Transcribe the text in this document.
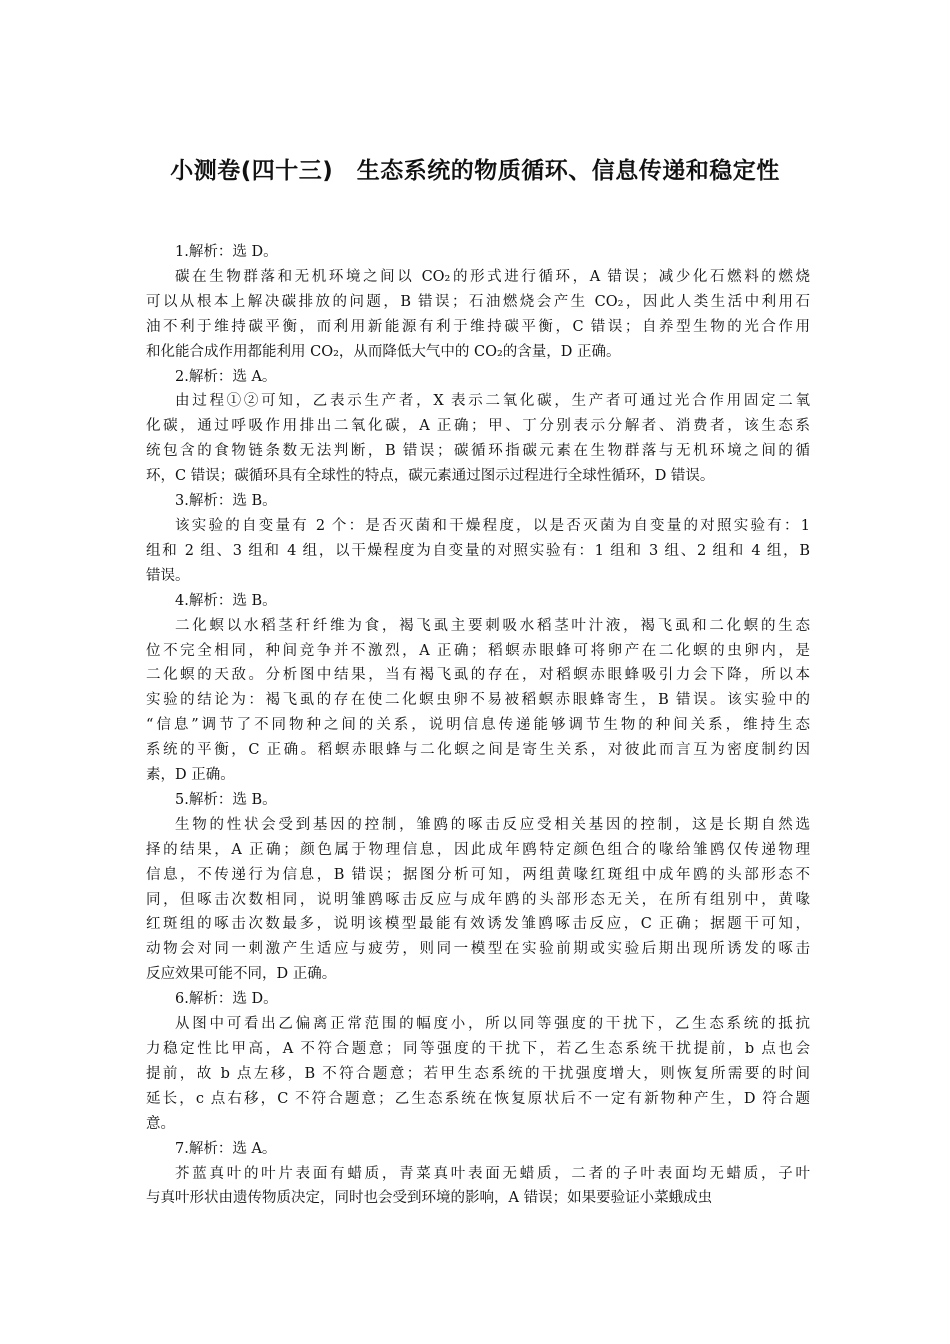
小测卷(四十三)　生态系统的物质循环、信息传递和稳定性

1.解析：选 D。

碳在生物群落和无机环境之间以 CO₂的形式进行循环，A 错误；减少化石燃料的燃烧
可以从根本上解决碳排放的问题，B 错误；石油燃烧会产生 CO₂，因此人类生活中利用石
油不利于维持碳平衡，而利用新能源有利于维持碳平衡，C 错误；自养型生物的光合作用
和化能合成作用都能利用 CO₂，从而降低大气中的 CO₂的含量，D 正确。

2.解析：选 A。

由过程①②可知，乙表示生产者，X 表示二氧化碳，生产者可通过光合作用固定二氧
化碳，通过呼吸作用排出二氧化碳，A 正确；甲、丁分别表示分解者、消费者，该生态系
统包含的食物链条数无法判断，B 错误；碳循环指碳元素在生物群落与无机环境之间的循
环，C 错误；碳循环具有全球性的特点，碳元素通过图示过程进行全球性循环，D 错误。

3.解析：选 B。

该实验的自变量有 2 个：是否灭菌和干燥程度，以是否灭菌为自变量的对照实验有：1
组和 2 组、3 组和 4 组，以干燥程度为自变量的对照实验有：1 组和 3 组、2 组和 4 组，B
错误。

4.解析：选 B。

二化螟以水稻茎秆纤维为食，褐飞虱主要刺吸水稻茎叶汁液，褐飞虱和二化螟的生态
位不完全相同，种间竞争并不激烈，A 正确；稻螟赤眼蜂可将卵产在二化螟的虫卵内，是
二化螟的天敌。分析图中结果，当有褐飞虱的存在，对稻螟赤眼蜂吸引力会下降，所以本
实验的结论为：褐飞虱的存在使二化螟虫卵不易被稻螟赤眼蜂寄生，B 错误。该实验中的
“信息”调节了不同物种之间的关系，说明信息传递能够调节生物的种间关系，维持生态
系统的平衡，C 正确。稻螟赤眼蜂与二化螟之间是寄生关系，对彼此而言互为密度制约因
素，D 正确。

5.解析：选 B。

生物的性状会受到基因的控制，雏鸥的啄击反应受相关基因的控制，这是长期自然选
择的结果，A 正确；颜色属于物理信息，因此成年鸥特定颜色组合的喙给雏鸥仅传递物理
信息，不传递行为信息，B 错误；据图分析可知，两组黄喙红斑组中成年鸥的头部形态不
同，但啄击次数相同，说明雏鸥啄击反应与成年鸥的头部形态无关，在所有组别中，黄喙
红斑组的啄击次数最多，说明该模型最能有效诱发雏鸥啄击反应，C 正确；据题干可知，
动物会对同一刺激产生适应与疲劳，则同一模型在实验前期或实验后期出现所诱发的啄击
反应效果可能不同，D 正确。

6.解析：选 D。

从图中可看出乙偏离正常范围的幅度小，所以同等强度的干扰下，乙生态系统的抵抗
力稳定性比甲高，A 不符合题意；同等强度的干扰下，若乙生态系统干扰提前，b 点也会
提前，故 b 点左移，B 不符合题意；若甲生态系统的干扰强度增大，则恢复所需要的时间
延长，c 点右移，C 不符合题意；乙生态系统在恢复原状后不一定有新物种产生，D 符合题
意。

7.解析：选 A。

芥蓝真叶的叶片表面有蜡质，青菜真叶表面无蜡质，二者的子叶表面均无蜡质，子叶
与真叶形状由遗传物质决定，同时也会受到环境的影响，A 错误；如果要验证小菜蛾成虫
